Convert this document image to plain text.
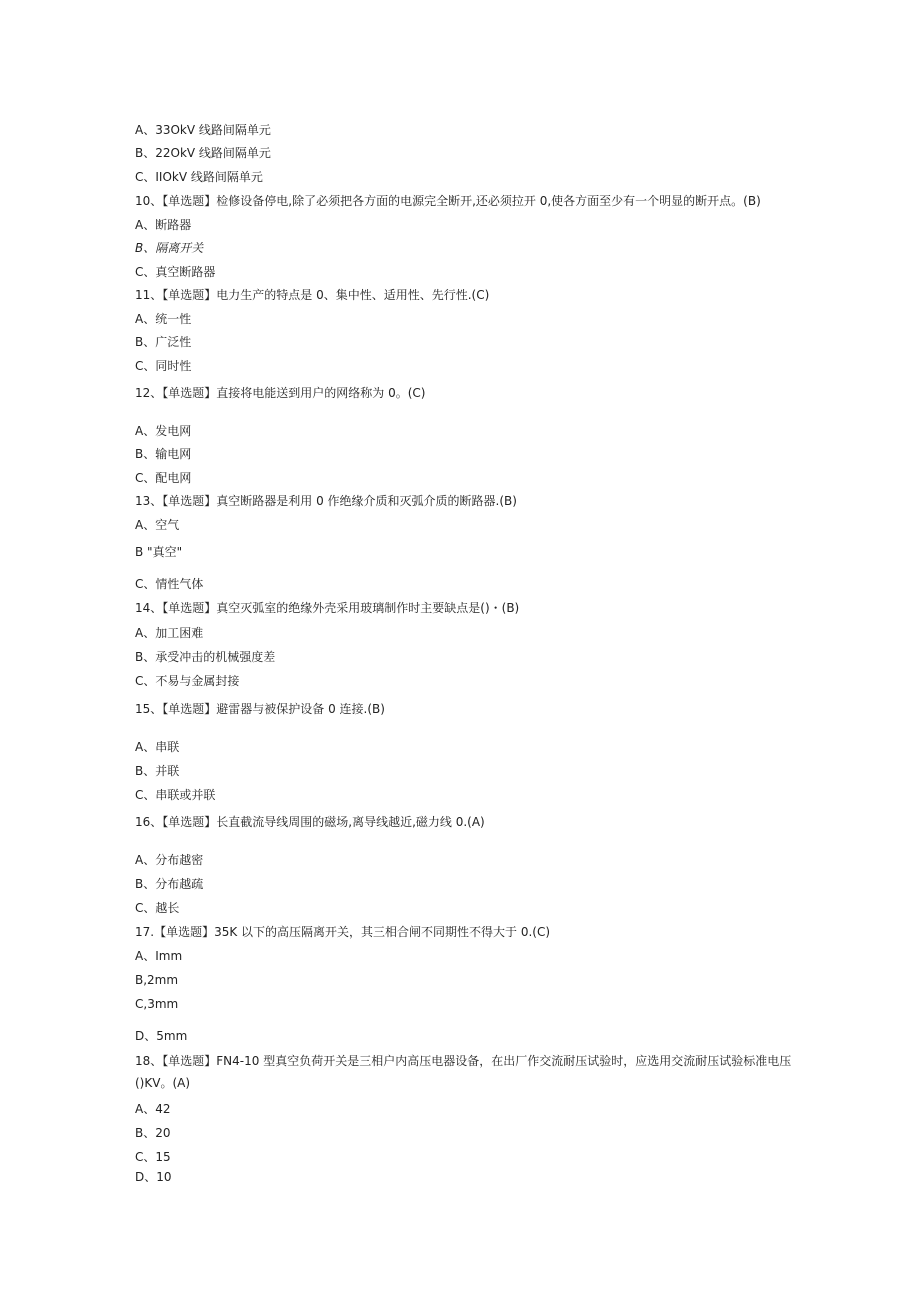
A、33OkV 线路间隔单元
B、22OkV 线路间隔单元
C、IIOkV 线路间隔单元
10、【单选题】检修设备停电,除了必须把各方面的电源完全断开,还必须拉开 0,使各方面至少有一个明显的断开点。(B)
A、断路器
B、隔离开关
C、真空断路器
11、【单选题】电力生产的特点是 0、集中性、适用性、先行性.(C)
A、统一性
B、广泛性
C、同时性
12、【单选题】直接将电能送到用户的网络称为 0。(C)
A、发电网
B、输电网
C、配电网
13、【单选题】真空断路器是利用 0 作绝缘介质和灭弧介质的断路器.(B)
A、空气
B "真空"
C、情性气体
14、【单选题】真空灭弧室的绝缘外壳采用玻璃制作时主要缺点是()・(B)
A、加工困难
B、承受冲击的机械强度差
C、不易与金属封接
15、【单选题】避雷器与被保护设备 0 连接.(B)
A、串联
B、并联
C、串联或并联
16、【单选题】长直截流导线周围的磁场,离导线越近,磁力线 0.(A)
A、分布越密
B、分布越疏
C、越长
17.【单选题】35K 以下的高压隔离开关，其三相合闸不同期性不得大于 0.(C)
A、Imm
B,2mm
C,3mm
D、5mm
18、【单选题】FN4-10 型真空负荷开关是三相户内高压电器设备，在出厂作交流耐压试验时，应选用交流耐压试验标准电压
()KV。(A)
A、42
B、20
C、15
D、10
